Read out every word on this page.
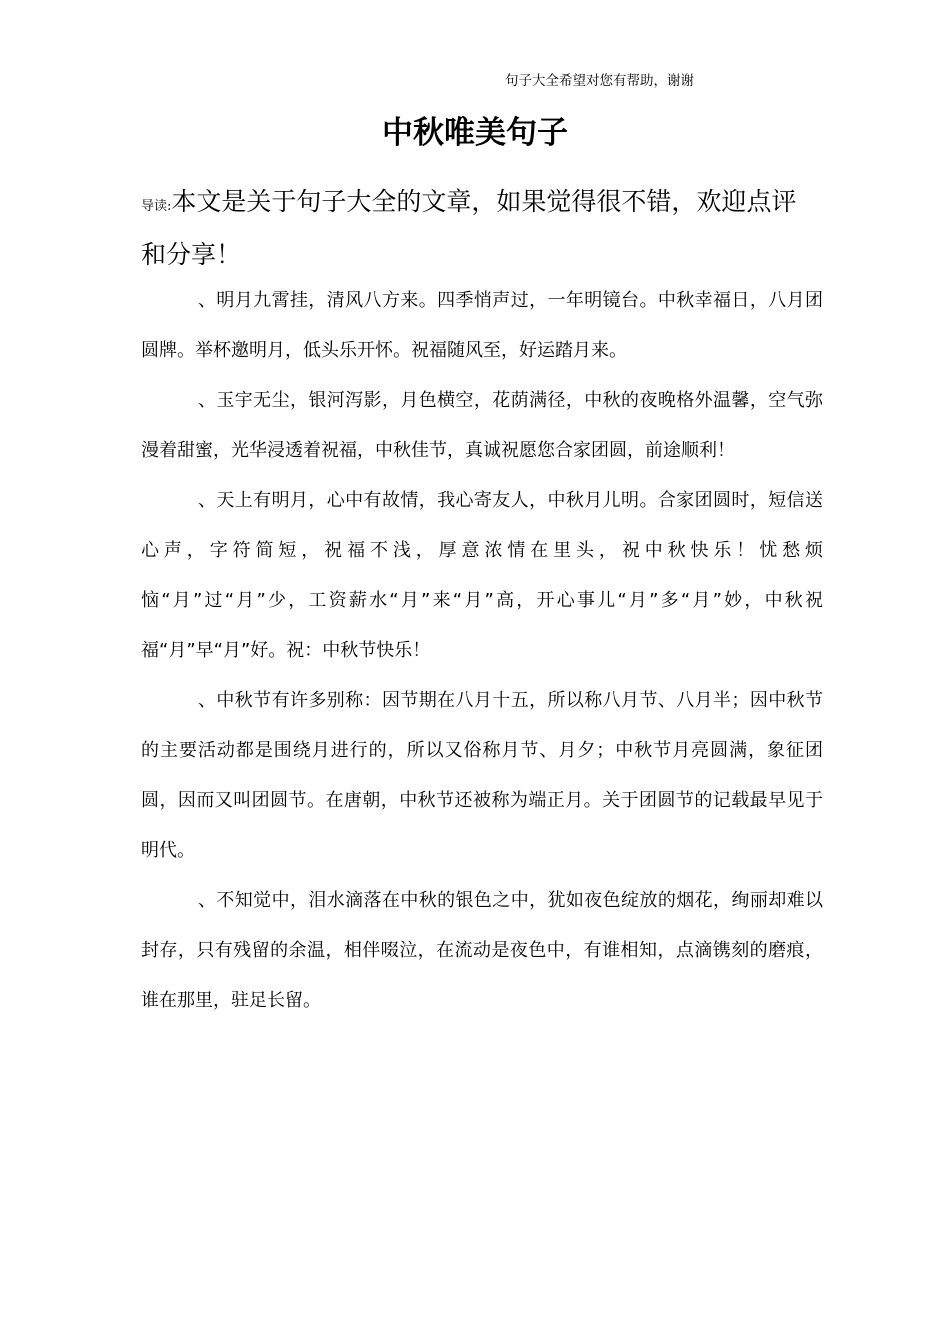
句子大全希望对您有帮助，谢谢
中秋唯美句子

导读:本文是关于句子大全的文章，如果觉得很不错，欢迎点评和分享！

、明月九霄挂，清风八方来。四季悄声过，一年明镜台。中秋幸福日，八月团圆牌。举杯邀明月，低头乐开怀。祝福随风至，好运踏月来。

、玉宇无尘，银河泻影，月色横空，花荫满径，中秋的夜晚格外温馨，空气弥漫着甜蜜，光华浸透着祝福，中秋佳节，真诚祝愿您合家团圆，前途顺利！

、天上有明月，心中有故情，我心寄友人，中秋月儿明。合家团圆时，短信送心声，字符简短，祝福不浅，厚意浓情在里头，祝中秋快乐！忧愁烦恼“月”过“月”少，工资薪水“月”来“月”高，开心事儿“月”多“月”妙，中秋祝福“月”早“月”好。祝：中秋节快乐！

、中秋节有许多别称：因节期在八月十五，所以称八月节、八月半；因中秋节的主要活动都是围绕月进行的，所以又俗称月节、月夕；中秋节月亮圆满，象征团圆，因而又叫团圆节。在唐朝，中秋节还被称为端正月。关于团圆节的记载最早见于明代。

、不知觉中，泪水滴落在中秋的银色之中，犹如夜色绽放的烟花，绚丽却难以封存，只有残留的余温，相伴啜泣，在流动是夜色中，有谁相知，点滴镌刻的磨痕，谁在那里，驻足长留。
